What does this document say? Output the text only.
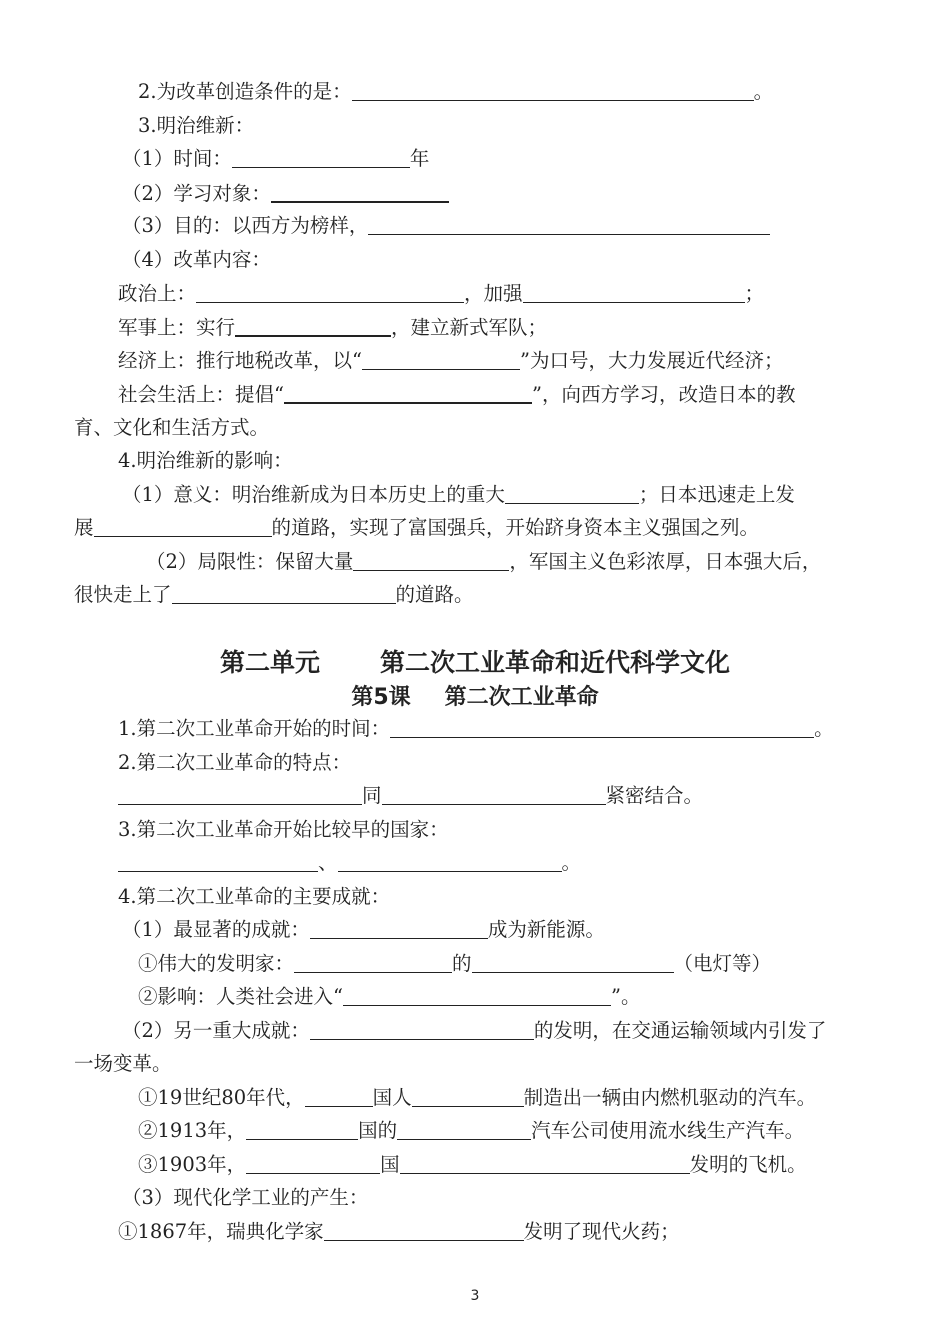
2.为改革创造条件的是：	。
3.明治维新：
（1）时间：	年
（2）学习对象：
（3）目的：以西方为榜样，
（4）改革内容：
政治上：	，加强	；
军事上：实行	，建立新式军队；
经济上：推行地税改革，以“	”为口号，大力发展近代经济；
社会生活上：提倡“	”，向西方学习，改造日本的教
育、文化和生活方式。
4.明治维新的影响：
（1）意义：明治维新成为日本历史上的重大	；日本迅速走上发
展	的道路，实现了富国强兵，开始跻身资本主义强国之列。
（2）局限性：保留大量	，军国主义色彩浓厚，日本强大后，
很快走上了	的道路。
第二单元 第二次工业革命和近代科学文化
第5课 第二次工业革命
1.第二次工业革命开始的时间：	。
2.第二次工业革命的特点：
同	紧密结合。
3.第二次工业革命开始比较早的国家：
、	。
4.第二次工业革命的主要成就：
（1）最显著的成就：	成为新能源。
①伟大的发明家：	的	（电灯等）
②影响：人类社会进入“	”。
（2）另一重大成就：	的发明，在交通运输领域内引发了
一场变革。
①19世纪80年代，	国人	制造出一辆由内燃机驱动的汽车。
②1913年，	国的	汽车公司使用流水线生产汽车。
③1903年，	国	发明的飞机。
（3）现代化学工业的产生：
①1867年，瑞典化学家	发明了现代火药；
3
